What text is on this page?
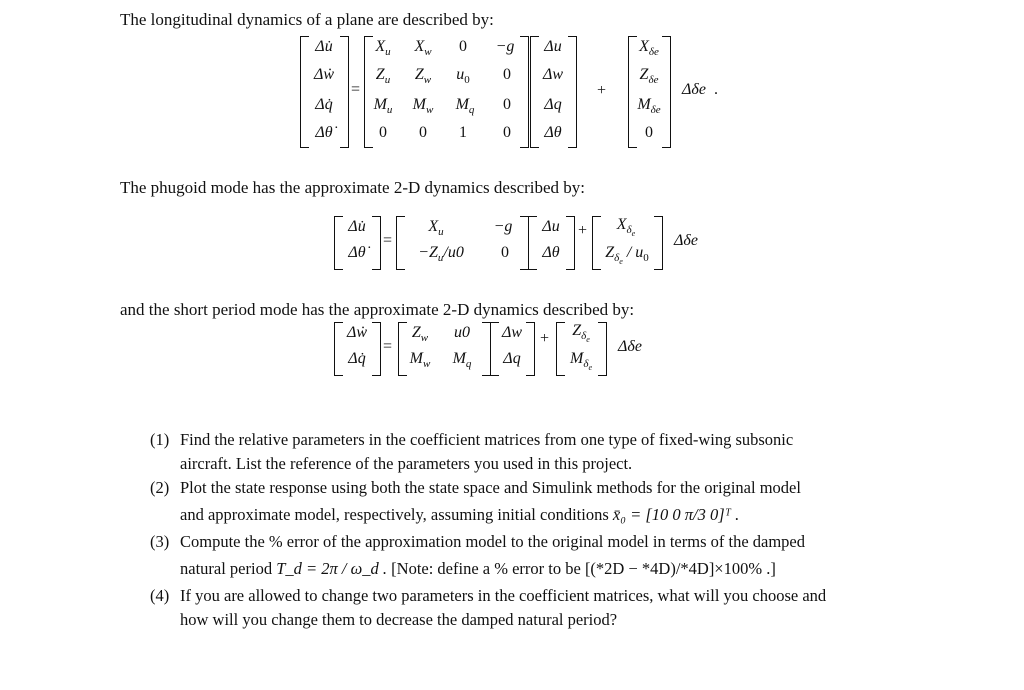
The longitudinal dynamics of a plane are described by:
Δu̇
Δẇ
Δq̇
Δθ̇
=
$X_u$	$X_w$	0	−g
$Z_u$	$Z_w$	$u_0$	0
$M_u$	$M_w$	$M_q$	0
0	0	1	0
Δu
Δw
Δq
Δθ
+
$X_{\delta e}$
$Z_{\delta e}$
$M_{\delta e}$
0
Δδe .
The phugoid mode has the approximate 2-D dynamics described by:
Δu̇
Δθ̇
=
$X_u$	−g
$-Z_u/u0$	0
Δu
Δθ
+	$X_{\delta_e}$
$Z_{\delta_e} / u_0$
Δδe
and the short period mode has the approximate 2-D dynamics described by:
Δẇ
Δq̇
=
$Z_w$	u0
$M_w$	$M_q$
Δw
Δq
+	$Z_{\delta_e}$
$M_{\delta_e}$
Δδe
(1) Find the relative parameters in the coefficient matrices from one type of fixed-wing subsonic
aircraft. List the reference of the parameters you used in this project.
(2) Plot the state response using both the state space and Simulink methods for the original model
and approximate model, respectively, assuming initial conditions x̄₀ = [10 0 π/3 0]ᵀ .
(3) Compute the % error of the approximation model to the original model in terms of the damped
natural period T_d = 2π / ω_d . [Note: define a % error to be [(*2D − *4D)/*4D]×100% .]
(4) If you are allowed to change two parameters in the coefficient matrices, what will you choose and
how will you change them to decrease the damped natural period?
